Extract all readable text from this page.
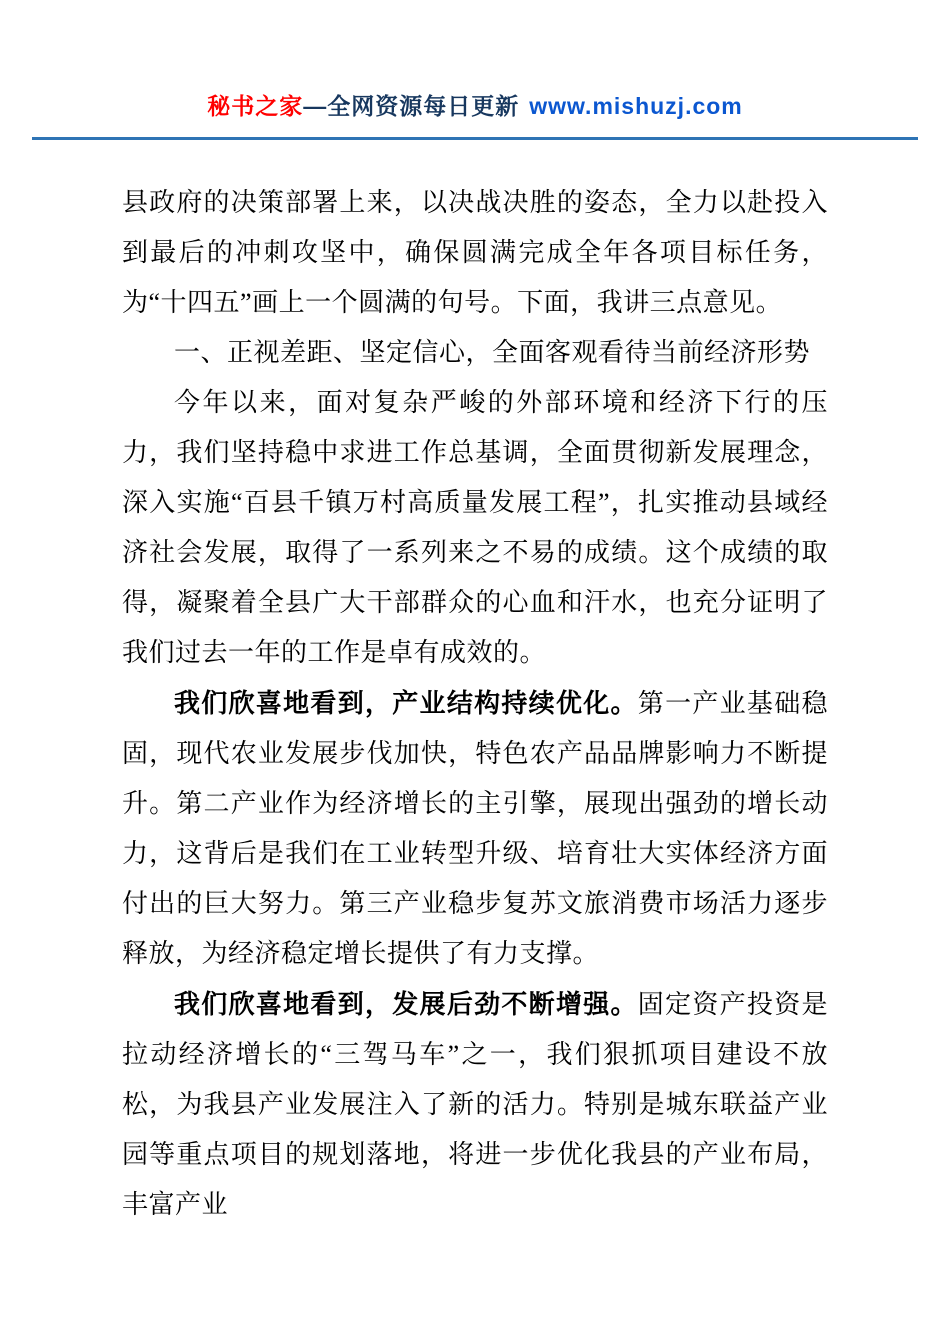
秘书之家—全网资源每日更新 www.mishuzj.com

县政府的决策部署上来，以决战决胜的姿态，全力以赴投入到最后的冲刺攻坚中，确保圆满完成全年各项目标任务，为“十四五”画上一个圆满的句号。下面，我讲三点意见。

一、正视差距、坚定信心，全面客观看待当前经济形势

今年以来，面对复杂严峻的外部环境和经济下行的压力，我们坚持稳中求进工作总基调，全面贯彻新发展理念，深入实施“百县千镇万村高质量发展工程”，扎实推动县域经济社会发展，取得了一系列来之不易的成绩。这个成绩的取得，凝聚着全县广大干部群众的心血和汗水，也充分证明了我们过去一年的工作是卓有成效的。

我们欣喜地看到，产业结构持续优化。第一产业基础稳固，现代农业发展步伐加快，特色农产品品牌影响力不断提升。第二产业作为经济增长的主引擎，展现出强劲的增长动力，这背后是我们在工业转型升级、培育壮大实体经济方面付出的巨大努力。第三产业稳步复苏文旅消费市场活力逐步释放，为经济稳定增长提供了有力支撑。

我们欣喜地看到，发展后劲不断增强。固定资产投资是拉动经济增长的“三驾马车”之一，我们狠抓项目建设不放松，为我县产业发展注入了新的活力。特别是城东联益产业园等重点项目的规划落地，将进一步优化我县的产业布局，丰富产业
